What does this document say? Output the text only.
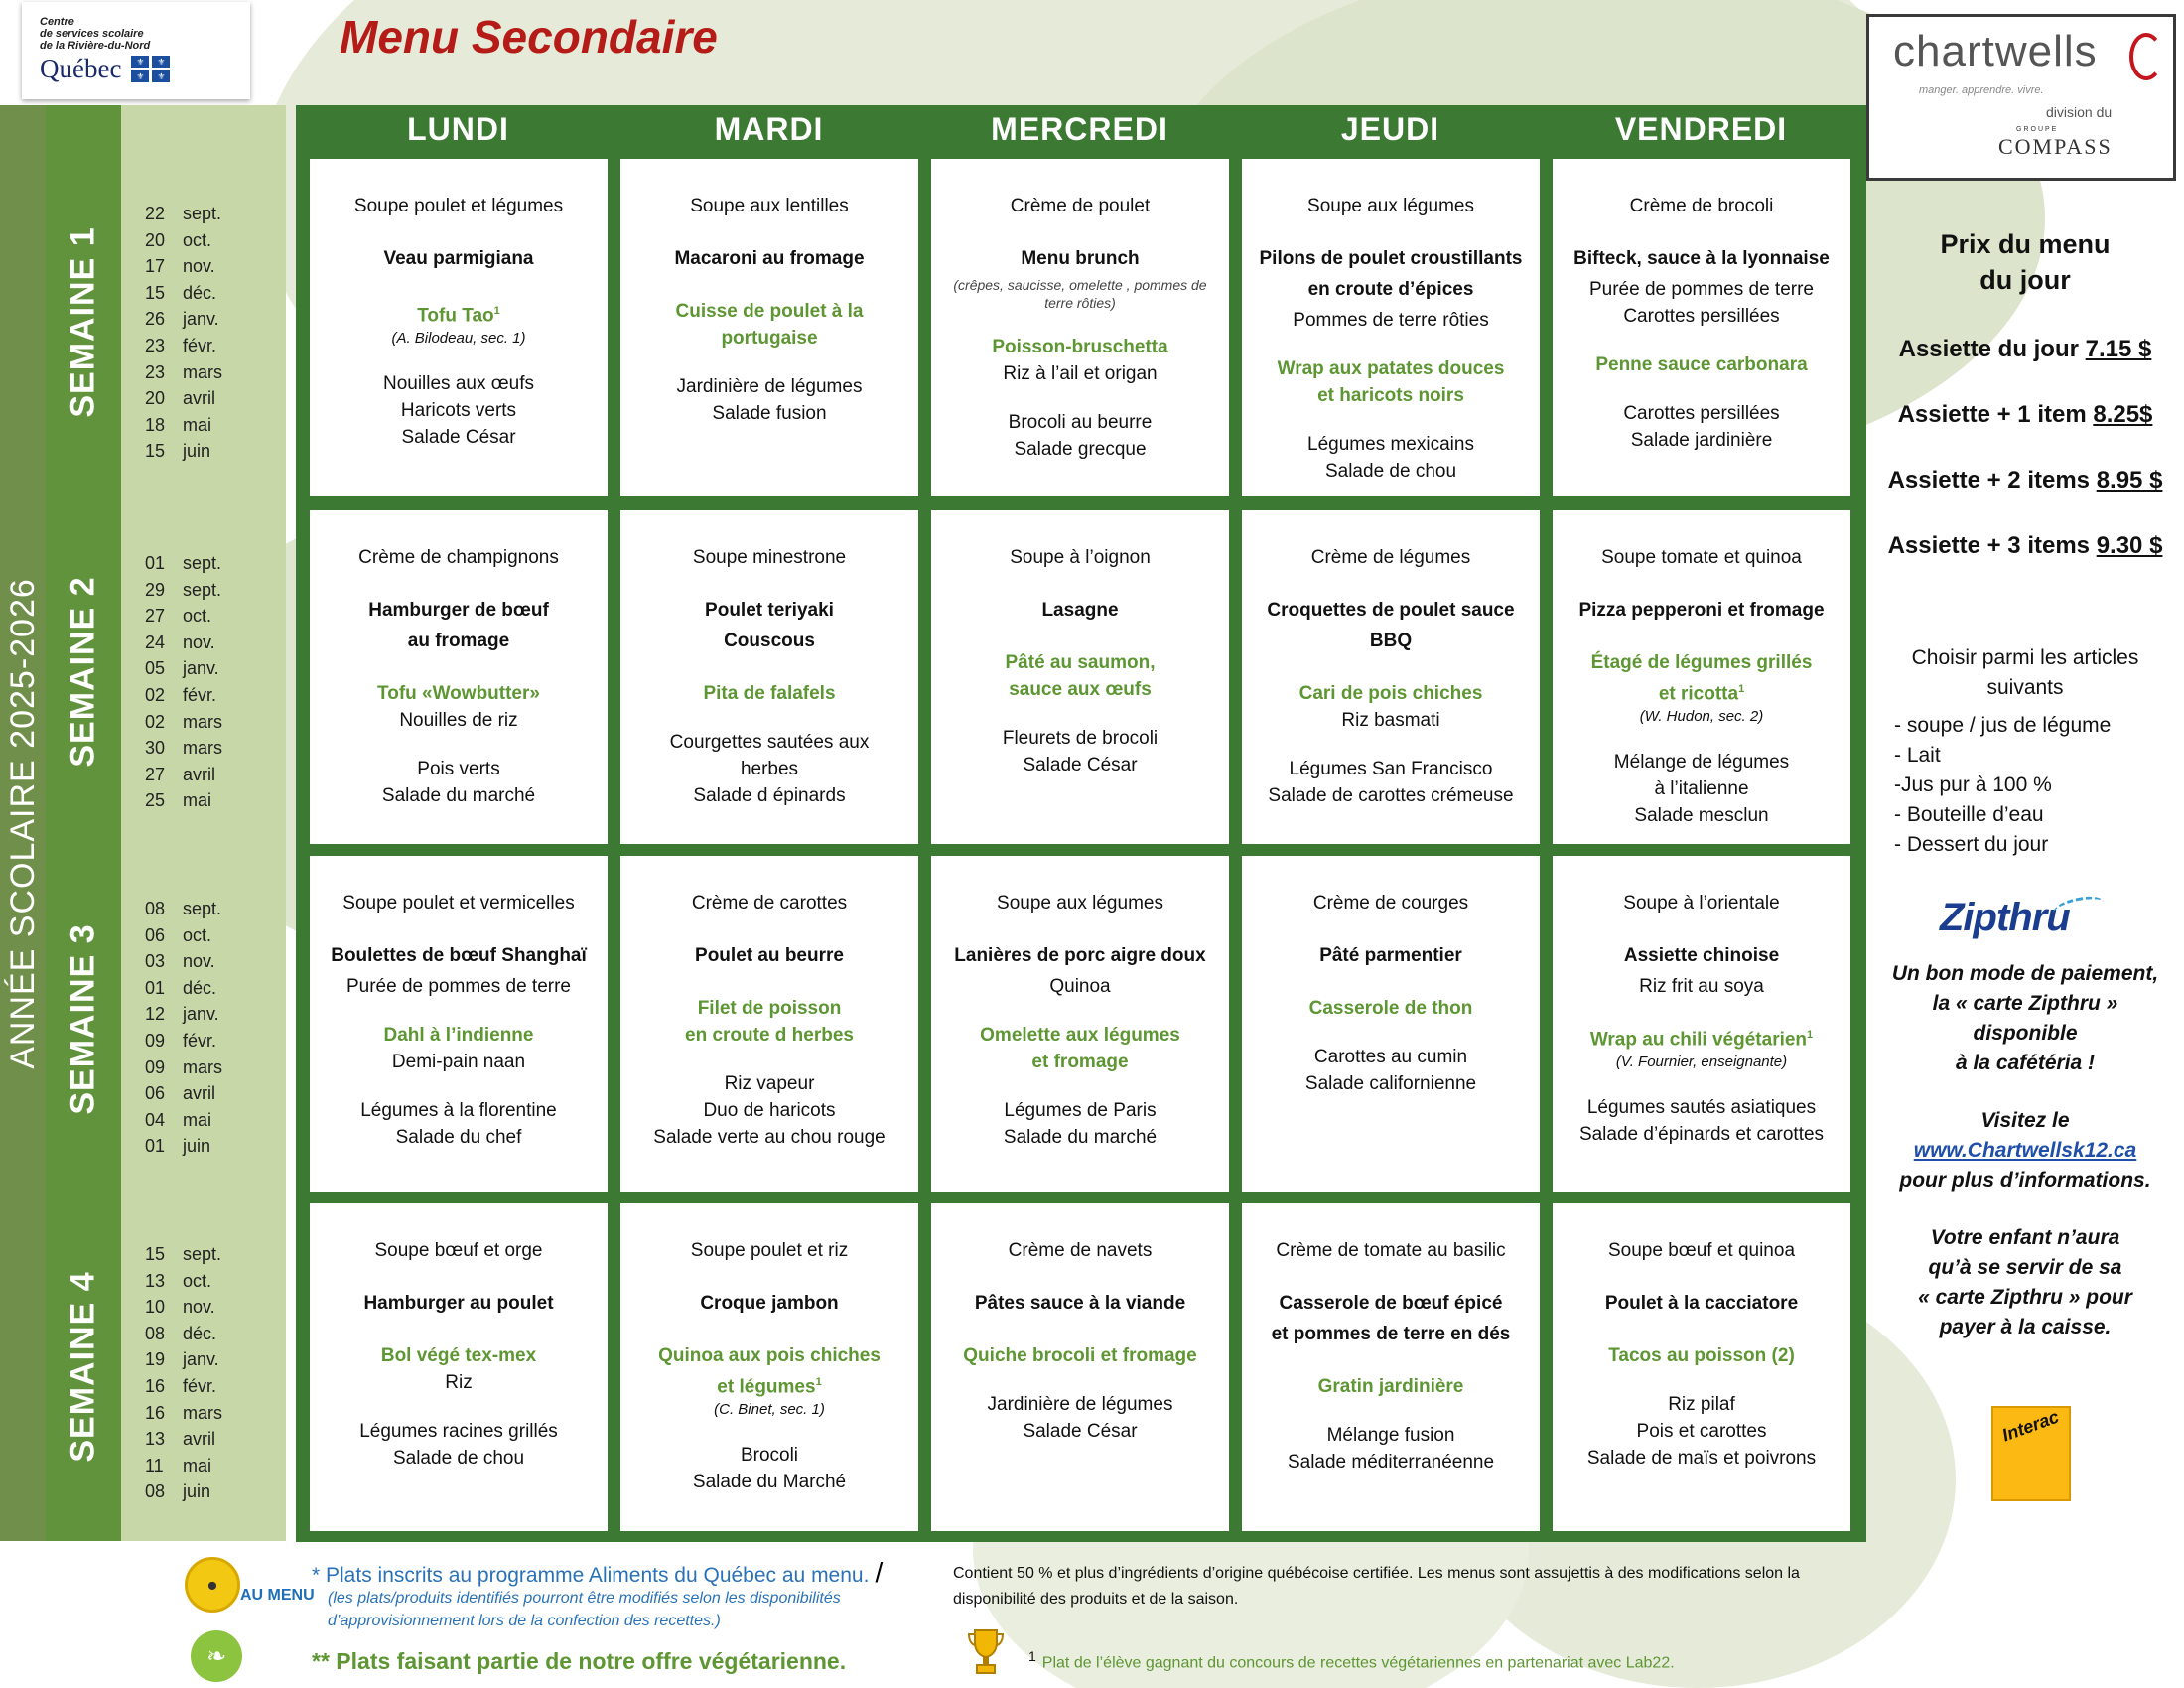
Centre
de services scolaire
de la Rivière-du-Nord
Québec	⚜	⚜
⚜	⚜
Menu Secondaire
ANNÉE SCOLAIRE 2025-2026
SEMAINE 1
22 sept.
20 oct.
17 nov.
15 déc.
26 janv.
23 févr.
23 mars
20 avril
18 mai
15 juin
SEMAINE 2
01 sept.
29 sept.
27 oct.
24 nov.
05 janv.
02 févr.
02 mars
30 mars
27 avril
25 mai
SEMAINE 3
08 sept.
06 oct.
03 nov.
01 déc.
12 janv.
09 févr.
09 mars
06 avril
04 mai
01 juin
SEMAINE 4
15 sept.
13 oct.
10 nov.
08 déc.
19 janv.
16 févr.
16 mars
13 avril
11	mai
08 juin
LUNDI	MARDI	MERCREDI	JEUDI	VENDREDI
Soupe poulet et légumes
Veau parmigiana
Tofu Tao$^1$
(A. Bilodeau, sec. 1)
Nouilles aux œufs
Haricots verts
Salade César
Soupe aux lentilles
Macaroni au fromage
Cuisse de poulet à la
portugaise
Jardinière de légumes
Salade fusion
Crème de poulet
Menu brunch
(crêpes, saucisse, omelette , pommes de terre rôties)
Poisson-bruschetta
Riz à l’ail et origan
Brocoli au beurre
Salade grecque
Soupe aux légumes
Pilons de poulet croustillants
en croute d’épices
Pommes de terre rôties
Wrap aux patates douces
et haricots noirs
Légumes mexicains
Salade de chou
Crème de brocoli
Bifteck, sauce à la lyonnaise
Purée de pommes de terre
Carottes persillées
Penne sauce carbonara
Carottes persillées
Salade jardinière
Crème de champignons
Hamburger de bœuf
au fromage
Tofu «Wowbutter»
Nouilles de riz
Pois verts
Salade du marché
Soupe minestrone
Poulet teriyaki
Couscous
Pita de falafels
Courgettes sautées aux
herbes
Salade d épinards
Soupe à l’oignon
Lasagne
Pâté au saumon,
sauce aux œufs
Fleurets de brocoli
Salade César
Crème de légumes
Croquettes de poulet sauce
BBQ
Cari de pois chiches
Riz basmati
Légumes San Francisco
Salade de carottes crémeuse
Soupe tomate et quinoa
Pizza pepperoni et fromage
Étagé de légumes grillés
et ricotta$^1$
(W. Hudon, sec. 2)
Mélange de légumes
à l’italienne
Salade mesclun
Soupe poulet et vermicelles
Boulettes de bœuf Shanghaï
Purée de pommes de terre
Dahl à l’indienne
Demi-pain naan
Légumes à la florentine
Salade du chef
Crème de carottes
Poulet au beurre
Filet de poisson
en croute d herbes
Riz vapeur
Duo de haricots
Salade verte au chou rouge
Soupe aux légumes
Lanières de porc aigre doux
Quinoa
Omelette aux légumes
et fromage
Légumes de Paris
Salade du marché
Crème de courges
Pâté parmentier
Casserole de thon
Carottes au cumin
Salade californienne
Soupe à l’orientale
Assiette chinoise
Riz frit au soya
Wrap au chili végétarien$^1$
(V. Fournier, enseignante)
Légumes sautés asiatiques
Salade d’épinards et carottes
Soupe bœuf et orge
Hamburger au poulet
Bol végé tex-mex
Riz
Légumes racines grillés
Salade de chou
Soupe poulet et riz
Croque jambon
Quinoa aux pois chiches
et légumes$^1$
(C. Binet, sec. 1)
Brocoli
Salade du Marché
Crème de navets
Pâtes sauce à la viande
Quiche brocoli et fromage
Jardinière de légumes
Salade César
Crème de tomate au basilic
Casserole de bœuf épicé
et pommes de terre en dés
Gratin jardinière
Mélange fusion
Salade méditerranéenne
Soupe bœuf et quinoa
Poulet à la cacciatore
Tacos au poisson (2)
Riz pilaf
Pois et carottes
Salade de maïs et poivrons
chartwells
manger. apprendre. vivre.
division du
GROUPE
COMPASS
Prix du menu
du jour
Assiette du jour 7.15 $
Assiette + 1 item 8.25$
Assiette + 2 items 8.95 $
Assiette + 3 items 9.30 $
Choisir parmi les articles
suivants
- soupe / jus de légume
- Lait
-Jus pur à 100 %
- Bouteille d’eau
- Dessert du jour
Zipthru
Un bon mode de paiement,
la « carte Zipthru »
disponible
à la cafétéria !
Visitez le
www.Chartwellsk12.ca
pour plus d’informations.
Votre enfant n’aura
qu’à se servir de sa
« carte Zipthru » pour
payer à la caisse.
Interac
⬤
AU MENU
❧
* Plats inscrits au programme Aliments du Québec au menu. /
(les plats/produits identifiés pourront être modifiés selon les disponibilités
d’approvisionnement lors de la confection des recettes.)
Contient 50 % et plus d’ingrédients d’origine québécoise certifiée. Les menus sont assujettis à des modifications selon la disponibilité des produits et de la saison.
** Plats faisant partie de notre offre végétarienne.	$^1$ Plat de l’élève gagnant du concours de recettes végétariennes en partenariat avec Lab22.
